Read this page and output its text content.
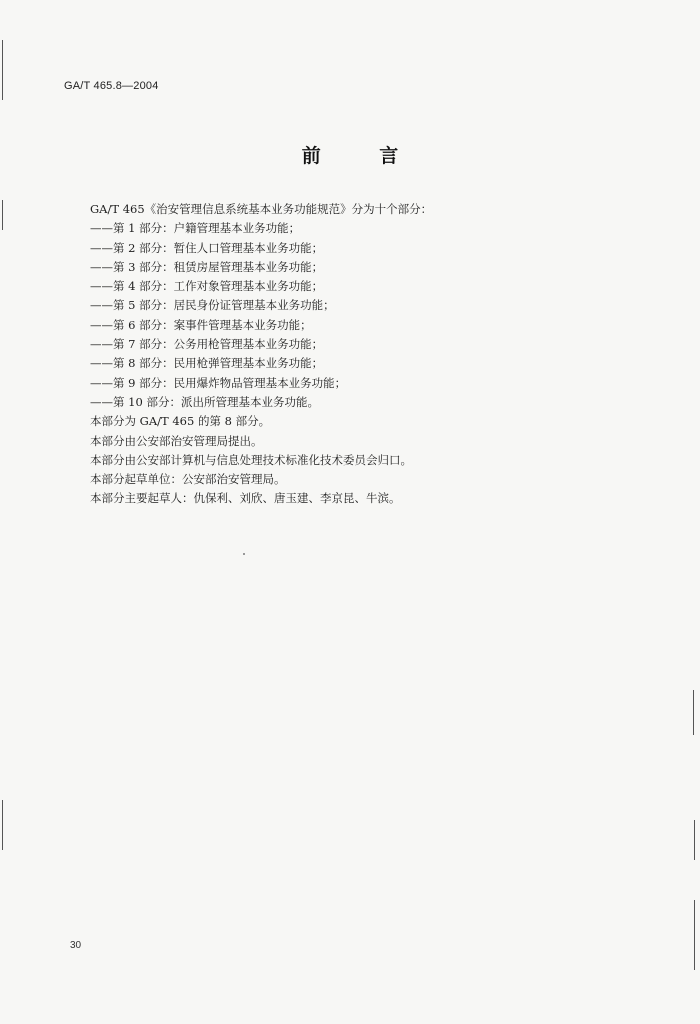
GA/T 465.8—2004
前 言
GA/T 465《治安管理信息系统基本业务功能规范》分为十个部分：
——第 1 部分：户籍管理基本业务功能；
——第 2 部分：暂住人口管理基本业务功能；
——第 3 部分：租赁房屋管理基本业务功能；
——第 4 部分：工作对象管理基本业务功能；
——第 5 部分：居民身份证管理基本业务功能；
——第 6 部分：案事件管理基本业务功能；
——第 7 部分：公务用枪管理基本业务功能；
——第 8 部分：民用枪弹管理基本业务功能；
——第 9 部分：民用爆炸物品管理基本业务功能；
——第 10 部分：派出所管理基本业务功能。
本部分为 GA/T 465 的第 8 部分。
本部分由公安部治安管理局提出。
本部分由公安部计算机与信息处理技术标准化技术委员会归口。
本部分起草单位：公安部治安管理局。
本部分主要起草人：仇保利、刘欣、唐玉建、李京昆、牛滨。
30
